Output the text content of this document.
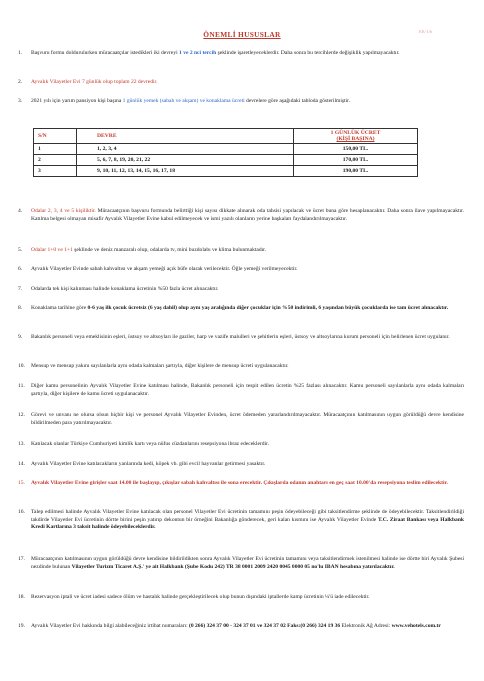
EK-1/b
ÖNEMLİ HUSUSLAR
1.	Başvuru formu doldurulurken müracaatçılar istedikleri iki devreyi 1 ve 2 nci tercih şeklinde işaretleyeceklerdir. Daha sonra bu tercihlerde değişiklik yapılmayacaktır.
2.	Ayvalık Vilayetler Evi 7 günlük olup toplam 22 devredir.
3.	2021 yılı için yarım pansiyon kişi başına 1 günlük yemek (sabah ve akşam) ve konaklama ücreti devrelere göre aşağıdaki tabloda gösterilmiştir.
S/N	DEVRE	1 GÜNLÜK ÜCRET
(KİŞİ BAŞINA)
1	1, 2, 3, 4	150,00 TL.
2	5, 6, 7, 8, 19, 20, 21, 22	170,00 TL.
3	9, 10, 11, 12, 13, 14, 15, 16, 17, 18	190,00 TL.
4.	Odalar 2, 3, 4 ve 5 kişiliktir. Müracaatçının başvuru formunda belirttiği kişi sayısı dikkate alınarak oda tahsisi yapılacak ve ücret buna göre hesaplanacaktır. Daha sonra ilave yapılmayacaktır. Katılma belgesi olmayan misafir Ayvalık Vilayetler Evine kabul edilmeyecek ve ismi yazılı olanların yerine başkaları faydalandırılmayacaktır.
5.	Odalar 1+0 ve 1+1 şeklinde ve deniz manzaralı olup, odalarda tv, mini buzdolabı ve klima bulunmaktadır.
6.	Ayvalık Vilayetler Evinde sabah kahvaltısı ve akşam yemeği açık büfe olarak verilecektir. Öğle yemeği verilmeyecektir.
7.	Odalarda tek kişi kalınması halinde konaklama ücretinin %50 fazla ücret alınacaktır.
8.	Konaklama tarihine göre 0-6 yaş ilk çocuk ücretsiz (6 yaş dahil) olup aynı yaş aralığında diğer çocuklar için %50 indirimli, 6 yaşından büyük çocuklarda ise tam ücret alınacaktır.
9.	Bakanlık personeli veya emeklisinin eşleri, üstsoy ve altsoyları ile gaziler, harp ve vazife malulleri ve şehitlerin eşleri, üstsoy ve altsoylarına kurum personeli için belirlenen ücret uygulanır.
10.	Mensup ve mensup yakını sayılanlarla aynı odada kalmaları şartıyla, diğer kişilere de mensup ücreti uygulanacaktır.
11.	Diğer kamu personelinin Ayvalık Vilayetler Evine katılması halinde, Bakanlık personeli için tespit edilen ücretin %25 fazlası alınacaktır. Kamu personeli sayılanlarla aynı odada kalmaları şartıyla, diğer kişilere de kamu ücreti uygulanacaktır.
12.	Görevi ve unvanı ne olursa olsun hiçbir kişi ve personel Ayvalık Vilayetler Evinden, ücret ödemeden yararlandırılmayacaktır. Müracaatçının katılmasının uygun görüldüğü devre kendisine bildirilmeden para yatırılmayacaktır.
13.	Katılacak olanlar Türkiye Cumhuriyeti kimlik kartı veya nüfus cüzdanlarını resepsiyona ibraz edeceklerdir.
14.	Ayvalık Vilayetler Evine katılacakların yanlarında kedi, köpek vb. gibi evcil hayvanlar getirmesi yasaktır.
15.	Ayvalık Vilayetler Evine girişler saat 14.00 ile başlayıp, çıkışlar sabah kahvaltısı ile sona erecektir. Çıkışlarda odanın anahtarı en geç saat 10.00'da resepsiyona teslim edilecektir.
16.	Talep edilmesi halinde Ayvalık Vilayetler Evine katılacak olan personel Vilayetler Evi ücretinin tamamını peşin ödeyebileceği gibi taksitlendirme şeklinde de ödeyebilecektir. Taksitlendirildiği takdirde Vilayetler Evi ücretinin dörtte birini peşin yatırıp dekontun bir örneğini Bakanlığa gönderecek, geri kalan kısmını ise Ayvalık Vilayetler Evinde T.C. Ziraat Bankası veya Halkbank Kredi Kartlarına 3 taksit halinde ödeyebileceklerdir.
17.	Müracaatçının katılmasının uygun görüldüğü devre kendisine bildirildikten sonra Ayvalık Vilayetler Evi ücretinin tamamını veya taksitlendirmek istenilmesi halinde ise dörtte biri Ayvalık Şubesi nezdinde bulunan Vilayetler Turizm Ticaret A.Ş.' ye ait Halkbank (Şube Kodu 242) TR 38 0001 2009 2420 0045 0000 05 no'lu IBAN hesabına yatırılacaktır.
18.	Rezervasyon iptali ve ücret iadesi sadece ölüm ve hastalık halinde gerçekleştirilecek olup bunun dışındaki iptallerde kamp ücretinin ¼'ü iade edilecektir.
19.	Ayvalık Vilayetler Evi hakkında bilgi alabileceğiniz irtibat numaraları: (0 266) 324 37 00 - 324 37 01 ve 324 37 02 Faks:(0 266) 324 19 36 Elektronik Ağ Adresi: www.vehotels.com.tr
